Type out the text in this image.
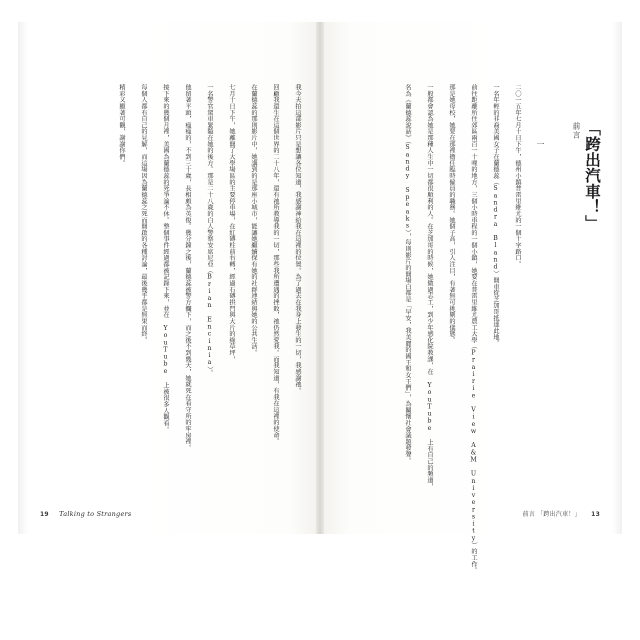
我今天拍這部影片只是想讓各位知道，我感謝神給我在這裡的位置。為了過去在我身上發生的一切，我感謝祂。
回顧我還生在這個世界的二十八年，還有祂所教導我的一切，那些我所遭遇的挫敗，祂仍然愛我。而我知道，有我在這裡的使命。
在蘭德蕊的那則影片中，她講到的是那座小城市，能讓她繼續保有她的社群連結與她的公共生活。
七月十日下午，她離開了大學場區的主要停車場，在紅磚柱前右轉，經過石磚拱門與大片的綠草坪，
一名警官駕車緊隨在她的後方。那是二十八歲的白人警察安席尼亞（Brian Encinia）。
他留著平頭，瘦瘦的，不到三十歲，長相頗為英俊。幾分鐘之後，蘭德蕊被警方攔下，而之後不到幾天，她就死在看守所的牢房裡。
接下來的幾個月裡，美國為蘭德蕊的死爭論不休。整個事件經過都被記錄下來，並在 YouTube 上被很多人觀看。
每個人都有自己的見解，而這場因為蘭德蕊之死而開啟的各種討論，最後幾乎都是無果而終。
精彩又顯著可觀，謝謝你們。
19 Talking to Strangers
前言 「跨出汽車！」
一
二〇一五年七月十日下午，德州小鎮普雷里維尤的一個十字路口。
一名年輕的非裔美國女子在蘭德蕊（Sandra Bland）開車從芝加哥抵達此地。
前往距離所住郊區兩百一十哩的地方，三個小時車程的一個小鎮，她要在普雷里維尤農工大學（Prairie View A&M University）的工作。
那是她母校，她要在那裡擔任臨時僱員的職務。她個子高，引人注目，有著無可挑剔的儀態。
一般都會認為她是那種人生中一切都很順利的人。在芝加哥的時候，她做過志工，到少年感化院教課，在 YouTube 上有自己的頻道，
名為《蘭德蕊說話》（Sandy Speaks），每則影片的開場白都是「早安，我美麗的國王和女王們」，為關懷社會議題發聲。
前言 「跨出汽車！」 13
